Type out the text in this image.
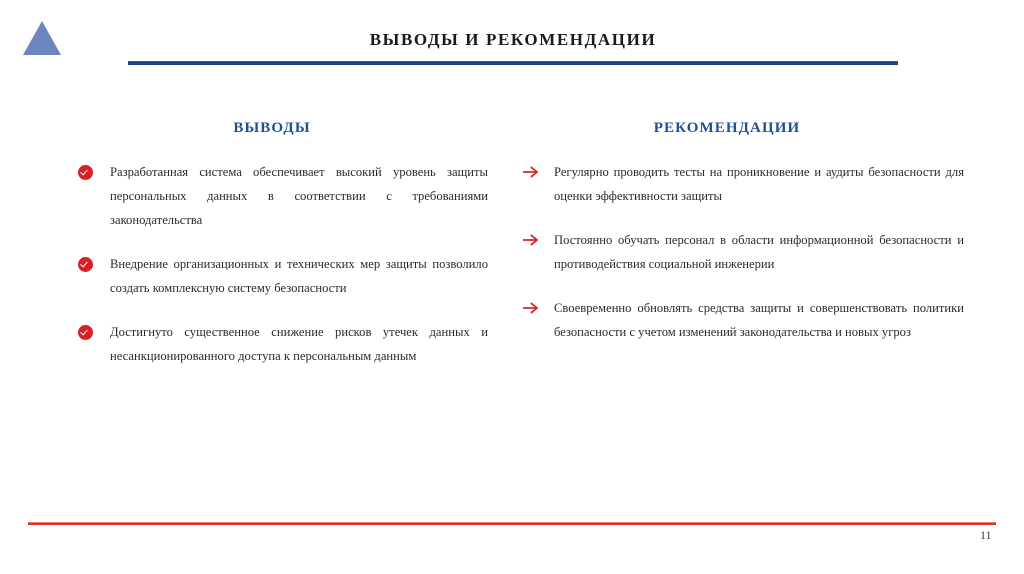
ВЫВОДЫ И РЕКОМЕНДАЦИИ
ВЫВОДЫ
Разработанная система обеспечивает высокий уровень защиты персональных данных в соответствии с требованиями законодательства
Внедрение организационных и технических мер защиты позволило создать комплексную систему безопасности
Достигнуто существенное снижение рисков утечек данных и несанкционированного доступа к персональным данным
РЕКОМЕНДАЦИИ
Регулярно проводить тесты на проникновение и аудиты безопасности для оценки эффективности защиты
Постоянно обучать персонал в области информационной безопасности и противодействия социальной инженерии
Своевременно обновлять средства защиты и совершенствовать политики безопасности с учетом изменений законодательства и новых угроз
11
